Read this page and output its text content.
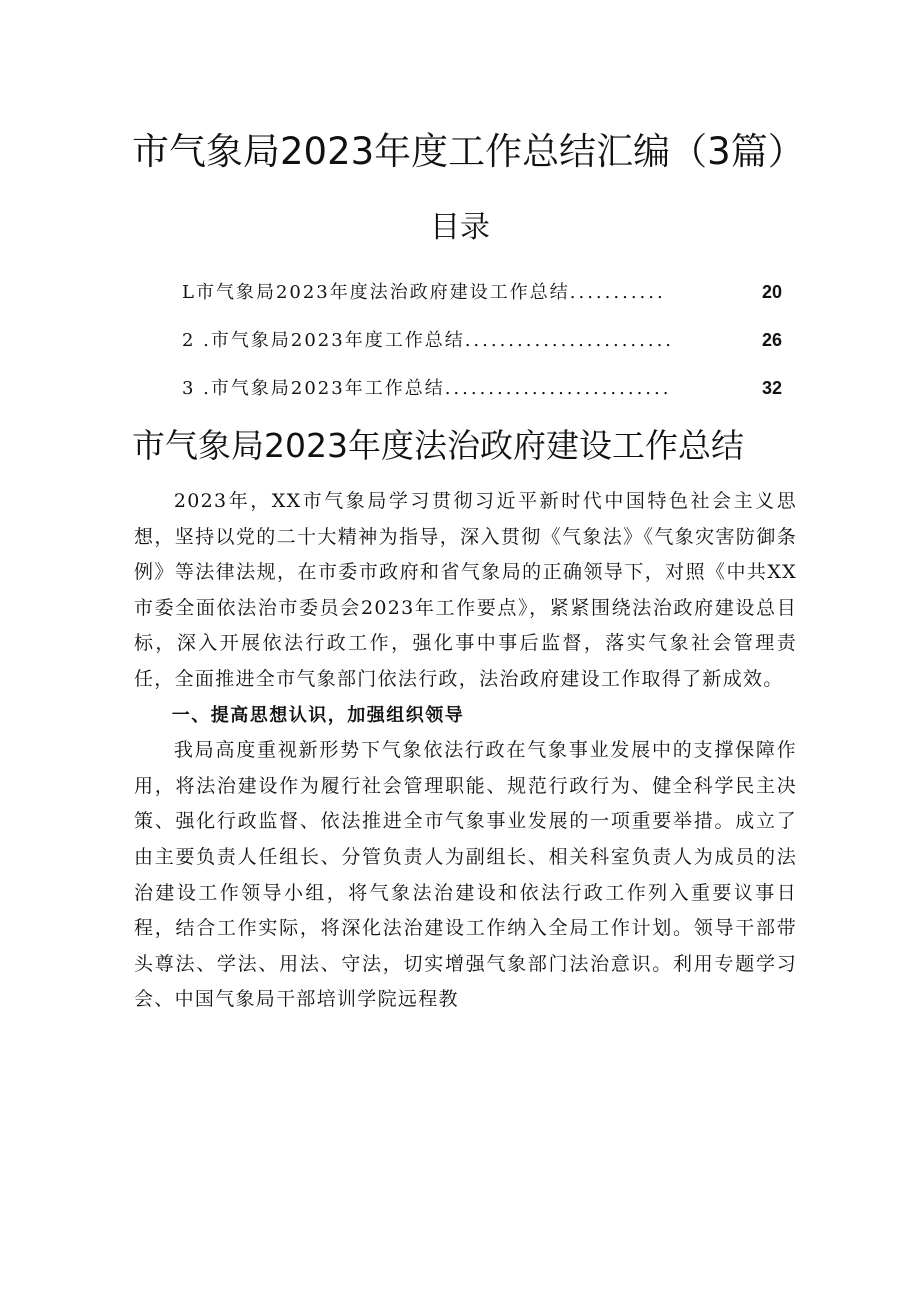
市气象局2023年度工作总结汇编（3篇）
目录
L市气象局2023年度法治政府建设工作总结 ...........	20
2 .市气象局2023年度工作总结 ........................	26
3 .市气象局2023年工作总结 ..........................	32
市气象局2023年度法治政府建设工作总结

2023年，XX市气象局学习贯彻习近平新时代中国特色社会主义思想，坚持以党的二十大精神为指导，深入贯彻《气象法》《气象灾害防御条例》等法律法规，在市委市政府和省气象局的正确领导下，对照《中共XX市委全面依法治市委员会2023年工作要点》，紧紧围绕法治政府建设总目标，深入开展依法行政工作，强化事中事后监督，落实气象社会管理责任，全面推进全市气象部门依法行政，法治政府建设工作取得了新成效。

一、提高思想认识，加强组织领导

我局高度重视新形势下气象依法行政在气象事业发展中的支撑保障作用，将法治建设作为履行社会管理职能、规范行政行为、健全科学民主决策、强化行政监督、依法推进全市气象事业发展的一项重要举措。成立了由主要负责人任组长、分管负责人为副组长、相关科室负责人为成员的法治建设工作领导小组，将气象法治建设和依法行政工作列入重要议事日程，结合工作实际，将深化法治建设工作纳入全局工作计划。领导干部带头尊法、学法、用法、守法，切实增强气象部门法治意识。利用专题学习会、中国气象局干部培训学院远程教
